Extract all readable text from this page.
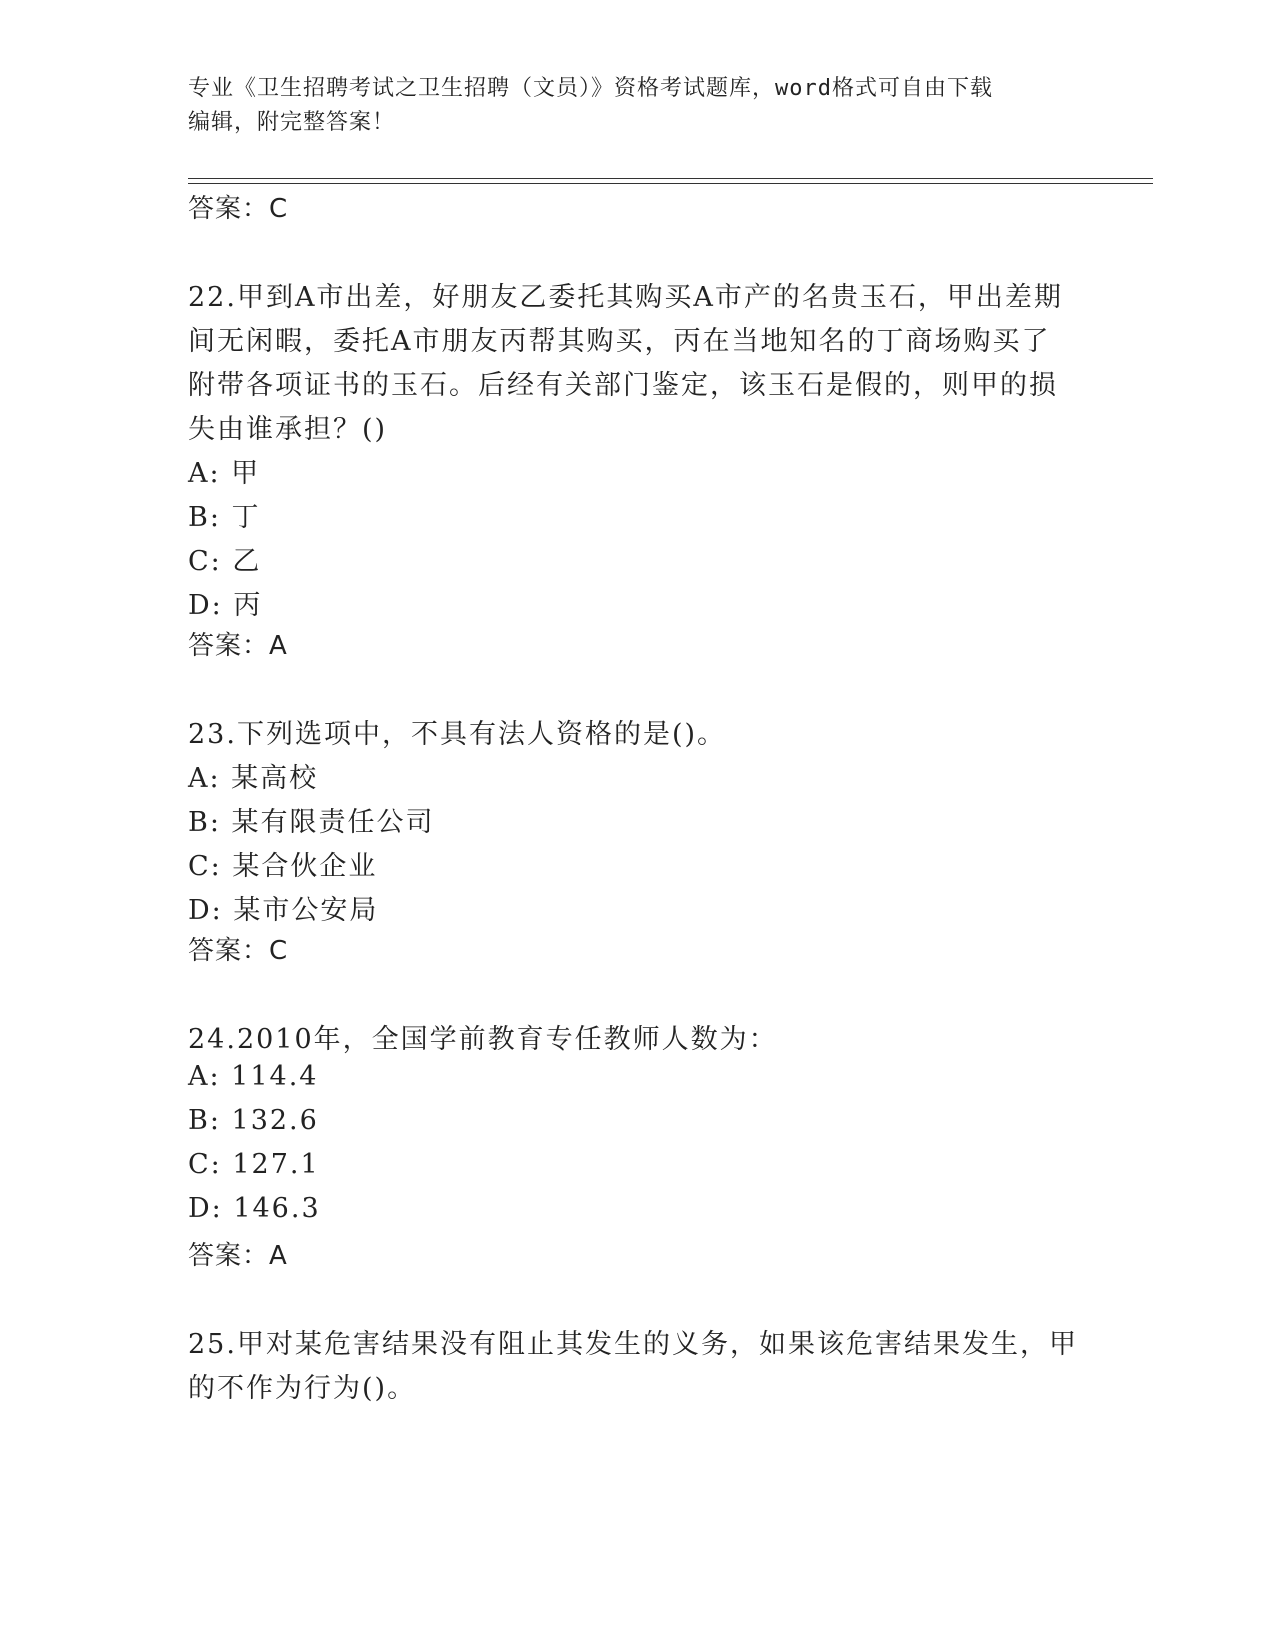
专业《卫生招聘考试之卫生招聘（文员）》资格考试题库，word格式可自由下载
编辑，附完整答案！
答案：C
22.甲到A市出差，好朋友乙委托其购买A市产的名贵玉石，甲出差期
间无闲暇，委托A市朋友丙帮其购买，丙在当地知名的丁商场购买了
附带各项证书的玉石。后经有关部门鉴定，该玉石是假的，则甲的损
失由谁承担？()
A: 甲
B: 丁
C: 乙
D: 丙
答案：A
23.下列选项中，不具有法人资格的是()。
A: 某高校
B: 某有限责任公司
C: 某合伙企业
D: 某市公安局
答案：C
24.2010年，全国学前教育专任教师人数为：
A: 114.4
B: 132.6
C: 127.1
D: 146.3
答案：A
25.甲对某危害结果没有阻止其发生的义务，如果该危害结果发生，甲
的不作为行为()。
